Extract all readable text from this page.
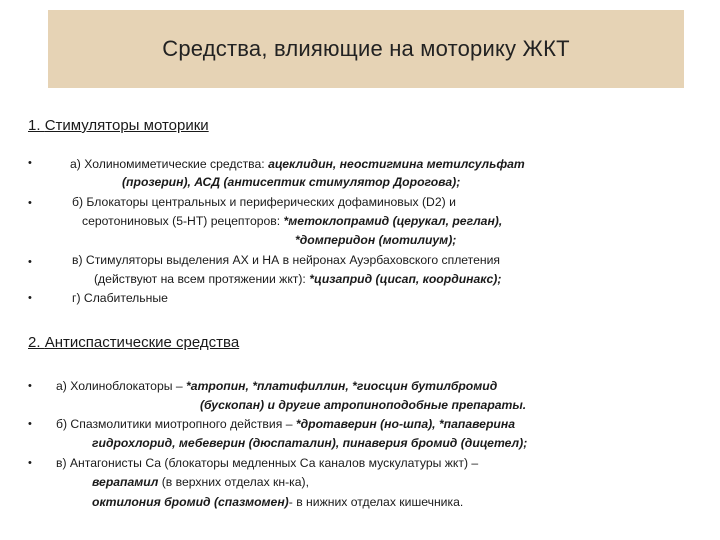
Средства, влияющие на моторику ЖКТ
1. Стимуляторы моторики
2. Антиспастические средства
•
•
•
•
а) Холиномиметические средства: ацеклидин, неостигмина метилсульфат
(прозерин), АСД (антисептик стимулятор Дорогова);
б) Блокаторы центральных и периферических дофаминовых (D2) и
серотониновых (5-НТ) рецепторов: *метоклопрамид (церукал, реглан),
*домперидон (мотилиум);
в) Стимуляторы выделения АХ и НА в нейронах Ауэрбаховского сплетения
(действуют на всем протяжении жкт): *цизаприд (цисап, координакс);
г) Слабительные
•
•
•
а) Холиноблокаторы – *атропин, *платифиллин, *гиосцин бутилбромид
(бускопан) и другие атропиноподобные препараты.
б) Спазмолитики миотропного действия – *дротаверин (но-шпа), *папаверина
гидрохлорид, мебеверин (дюспаталин), пинаверия бромид (дицетел);
в) Антагонисты Са (блокаторы медленных Са каналов мускулатуры жкт) –
верапамил (в верхних отделах кн-ка),
октилония бромид (спазмомен)- в нижних отделах кишечника.
